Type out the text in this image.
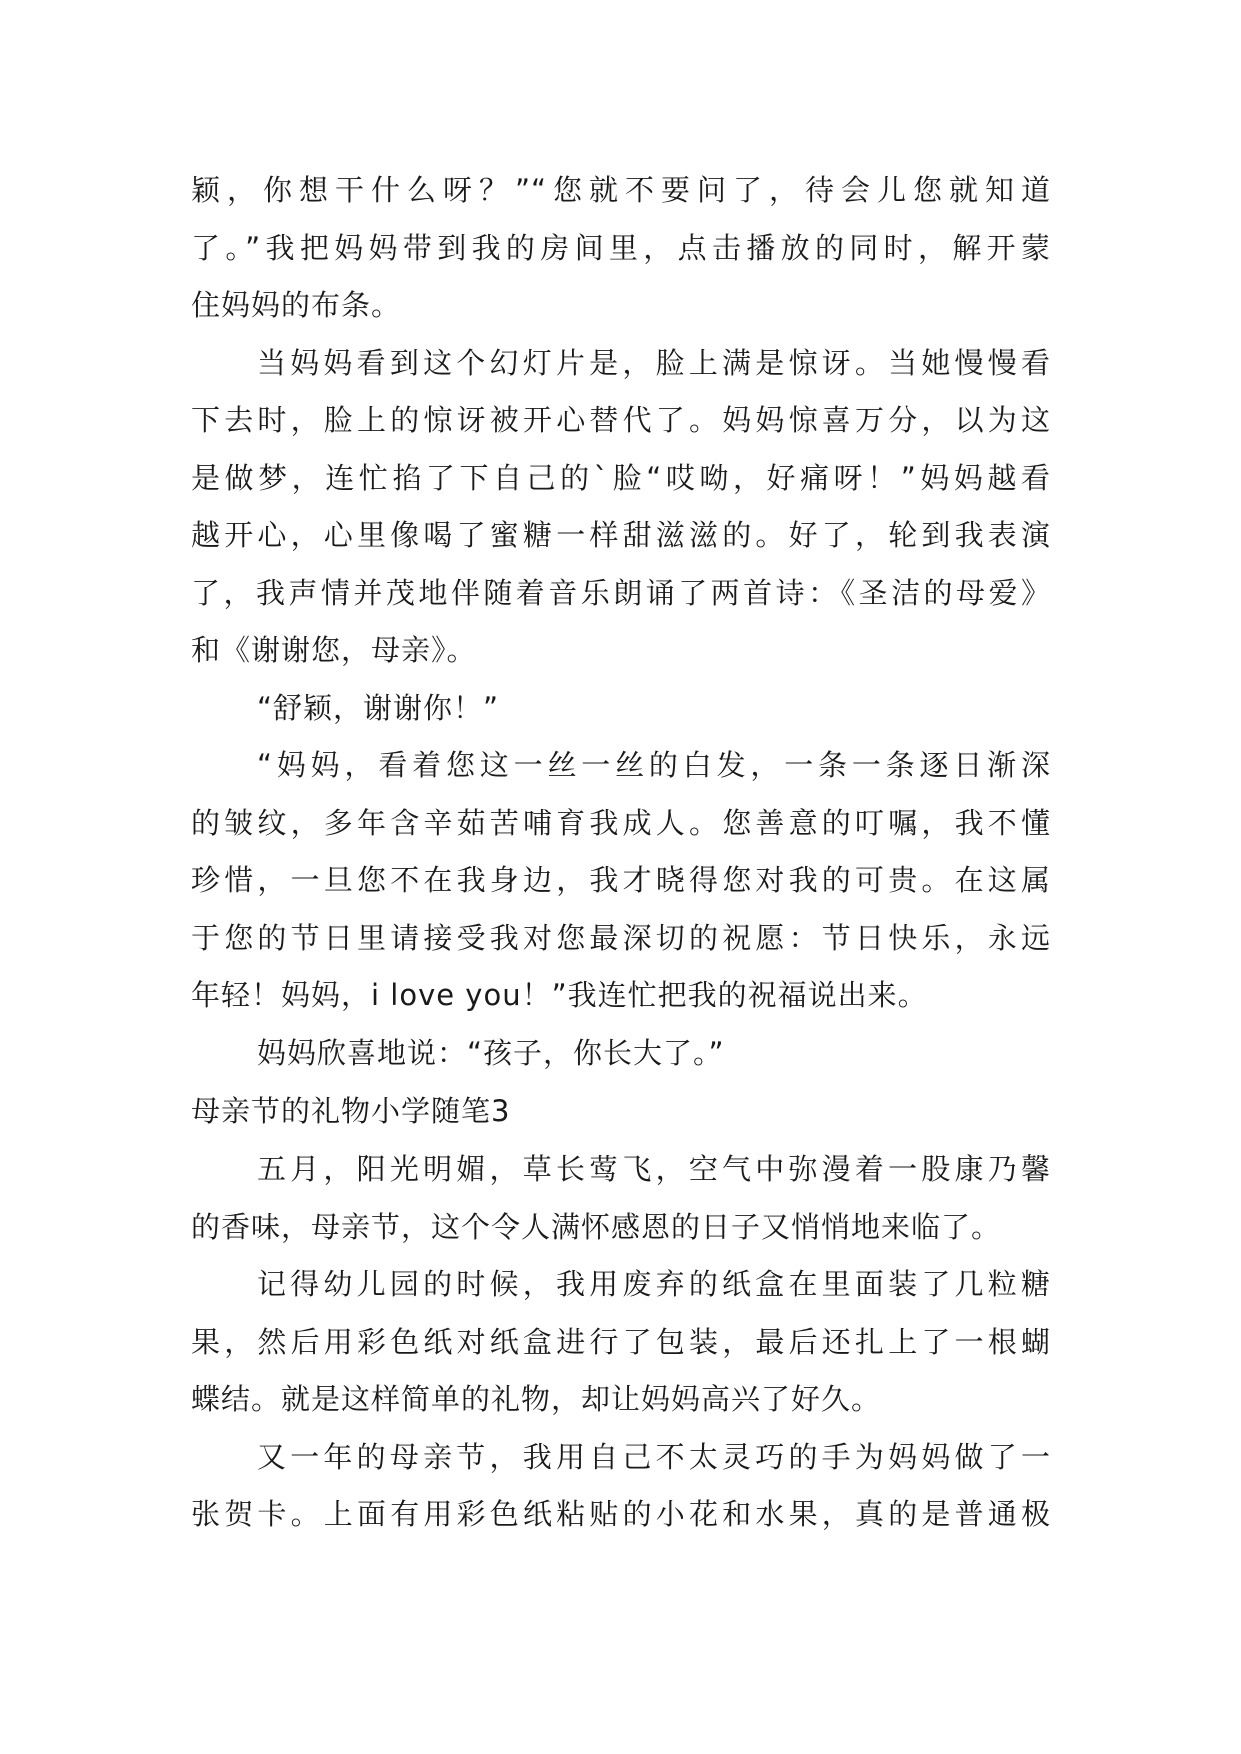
颖，你想干什么呀？”“您就不要问了，待会儿您就知道
了。”我把妈妈带到我的房间里，点击播放的同时，解开蒙
住妈妈的布条。
当妈妈看到这个幻灯片是，脸上满是惊讶。当她慢慢看
下去时，脸上的惊讶被开心替代了。妈妈惊喜万分，以为这
是做梦，连忙掐了下自己的`脸“哎呦，好痛呀！”妈妈越看
越开心，心里像喝了蜜糖一样甜滋滋的。好了，轮到我表演
了，我声情并茂地伴随着音乐朗诵了两首诗：《圣洁的母爱》
和《谢谢您，母亲》。
“舒颖，谢谢你！”
“妈妈，看着您这一丝一丝的白发，一条一条逐日渐深
的皱纹，多年含辛茹苦哺育我成人。您善意的叮嘱，我不懂
珍惜，一旦您不在我身边，我才晓得您对我的可贵。在这属
于您的节日里请接受我对您最深切的祝愿：节日快乐，永远
年轻！妈妈，i love you！”我连忙把我的祝福说出来。
妈妈欣喜地说：“孩子，你长大了。”
母亲节的礼物小学随笔3
五月，阳光明媚，草长莺飞，空气中弥漫着一股康乃馨
的香味，母亲节，这个令人满怀感恩的日子又悄悄地来临了。
记得幼儿园的时候，我用废弃的纸盒在里面装了几粒糖
果，然后用彩色纸对纸盒进行了包装，最后还扎上了一根蝴
蝶结。就是这样简单的礼物，却让妈妈高兴了好久。
又一年的母亲节，我用自己不太灵巧的手为妈妈做了一
张贺卡。上面有用彩色纸粘贴的小花和水果，真的是普通极
